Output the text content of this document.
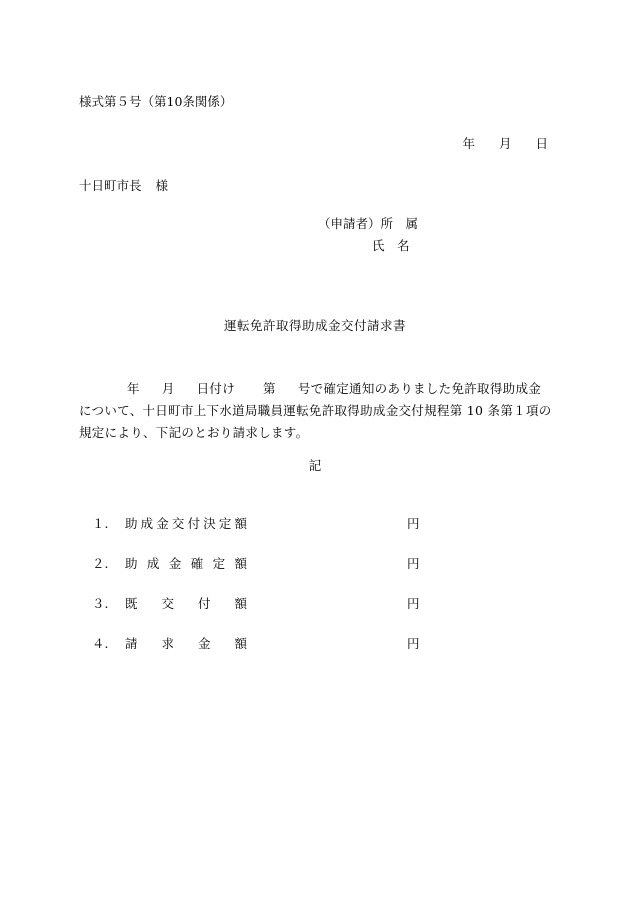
様式第５号（第10条関係）
年 月 日
十日町市長 様
（申請者）所　属
氏　名
運転免許取得助成金交付請求書
年 月 日付け 第 号で確定通知のありました免許取得助成金について、十日町市上下水道局職員運転免許取得助成金交付規程第 10 条第１項の規定により、下記のとおり請求します。
記
１. 助成金交付決定額	円
２. 助成金確定額	円
３. 既交付額	円
４. 請求金額	円
